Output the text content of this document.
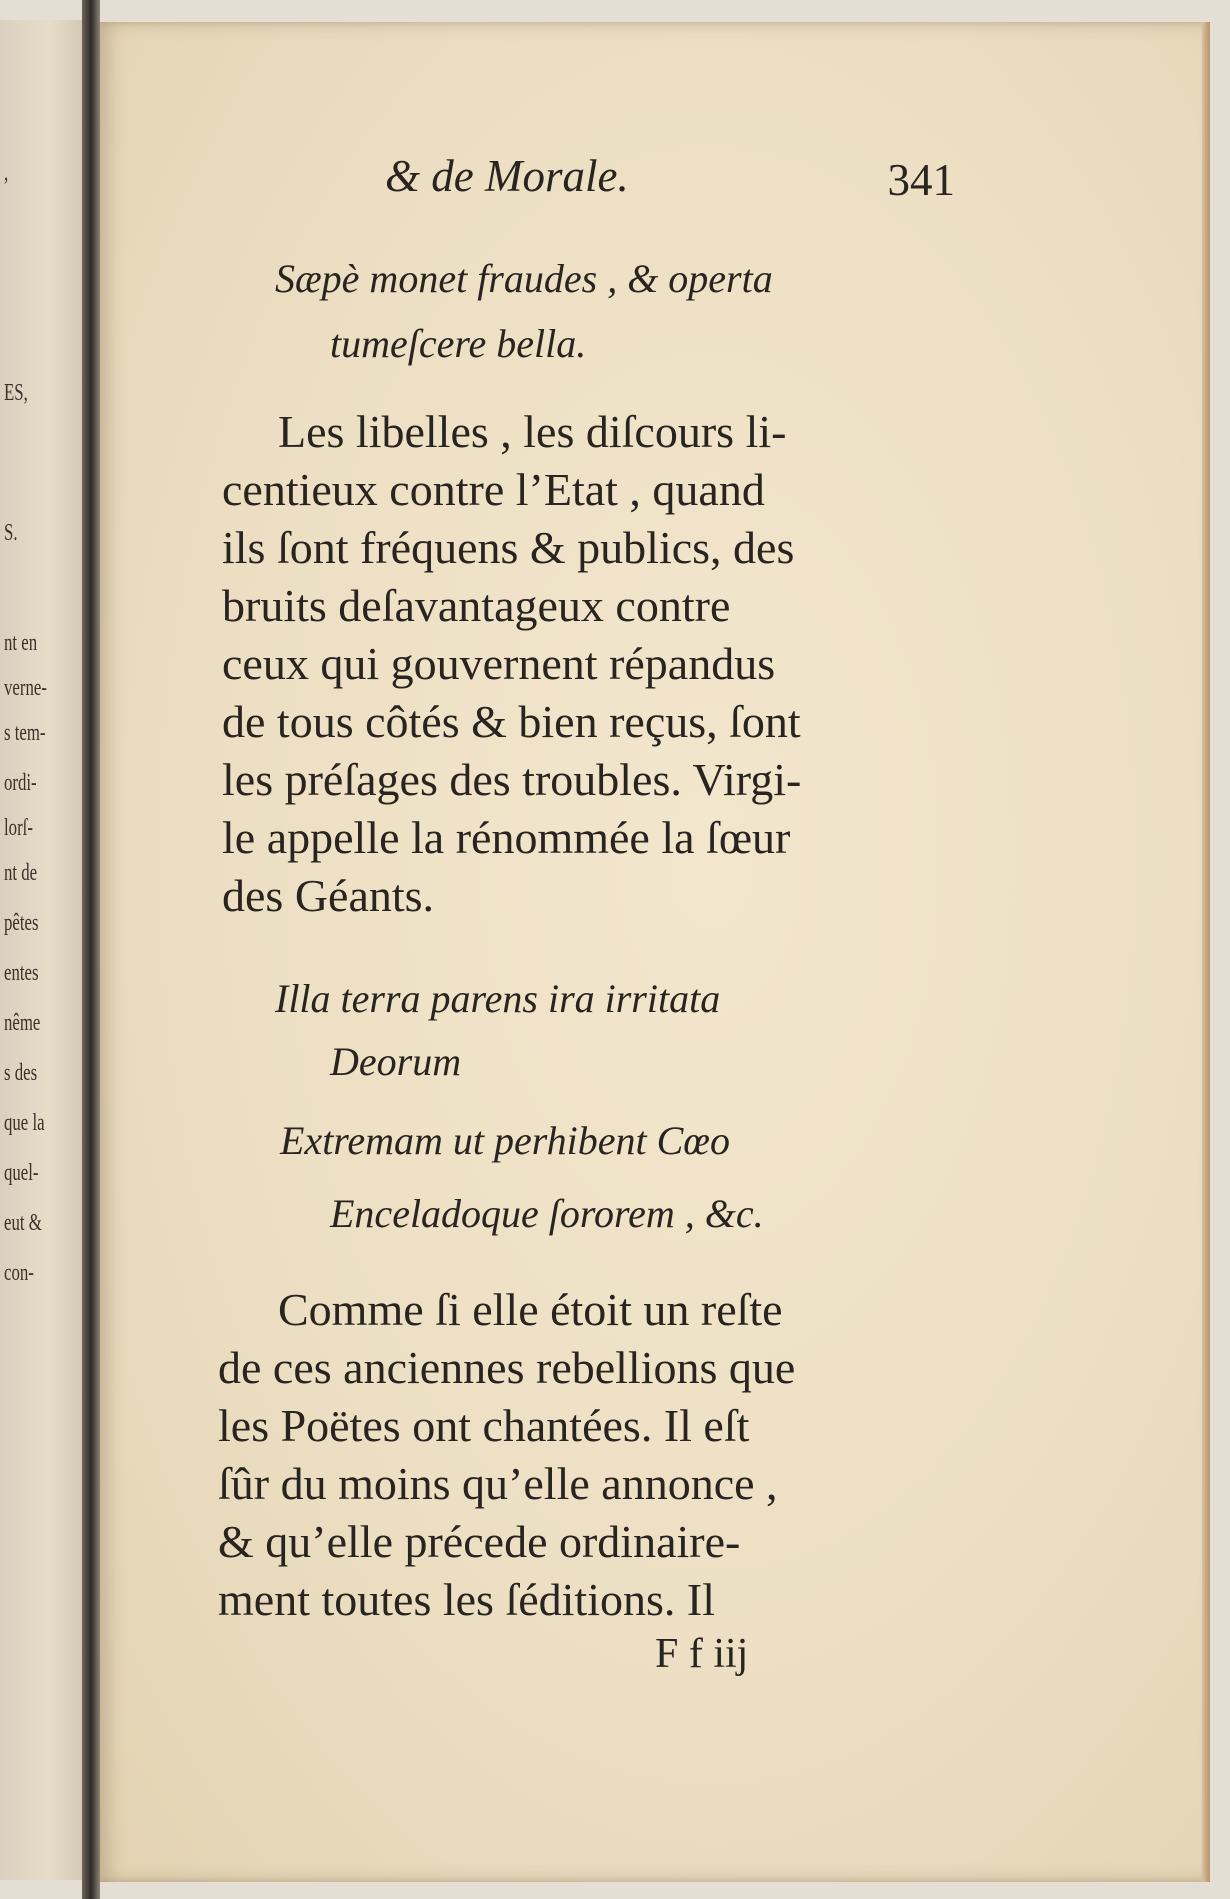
,
ES,
S.
nt en
verne-
s tem-
ordi-
lorſ-
nt de
pêtes
entes
nême
s des
que la
quel-
eut &
con-
& de Morale.	341
Sæpè monet fraudes , & operta
tumeſcere bella.
Les libelles , les diſcours li-
centieux contre l’Etat , quand
ils ſont fréquens & publics, des
bruits deſavantageux contre
ceux qui gouvernent répandus
de tous côtés & bien reçus, ſont
les préſages des troubles. Virgi-
le appelle la rénommée la ſœur
des Géants.
Illa terra parens ira irritata
Deorum
Extremam ut perhibent Cœo
Enceladoque ſororem , &c.
Comme ſi elle étoit un reſte
de ces anciennes rebellions que
les Poëtes ont chantées. Il eſt
ſûr du moins qu’elle annonce ,
& qu’elle précede ordinaire-
ment toutes les ſéditions. Il
F f iij
